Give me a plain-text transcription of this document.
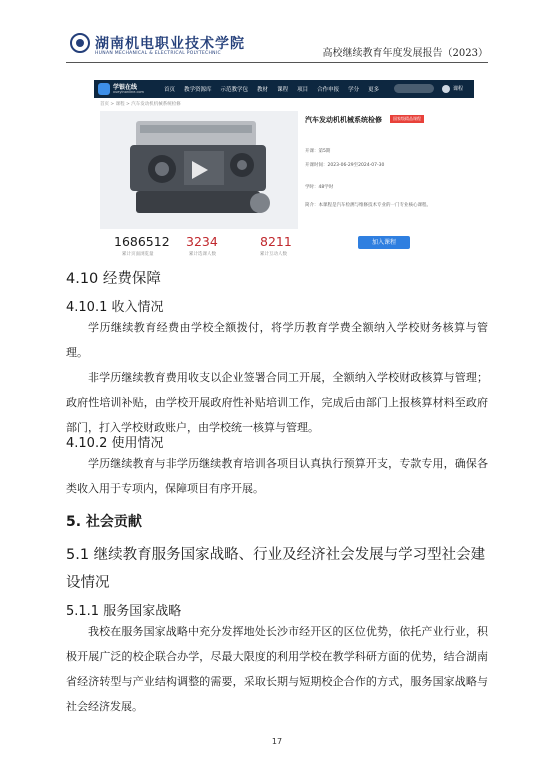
湖南机电职业技术学院
HUNAN MECHANICAL & ELECTRICAL POLYTECHNIC	高校继续教育年度发展报告（2023）
学银在线
xueyinonline.com	首页 教学资源库 示范教学包 教材 课程 项目 合作申报 学分 更多	课程
首页 > 课程 > 汽车发动机机械系统检修
汽车发动机机械系统检修	国家级精品课程
开课：第5期
开课时间：2023-06-29至2024-07-30
学时：48学时
简介：本课程是汽车检测与维修技术专业的一门专业核心课程。
加入课程
1686512
累计页面浏览量
3234
累计选课人数
8211
累计互动人数
4.10 经费保障
4.10.1 收入情况
学历继续教育经费由学校全额拨付，将学历教育学费全额纳入学校财务核算与管理。
非学历继续教育费用收支以企业签署合同工开展，全额纳入学校财政核算与管理；政府性培训补贴，由学校开展政府性补贴培训工作，完成后由部门上报核算材料至政府部门，打入学校财政账户，由学校统一核算与管理。
4.10.2 使用情况
学历继续教育与非学历继续教育培训各项目认真执行预算开支，专款专用，确保各类收入用于专项内，保障项目有序开展。
5. 社会贡献
5.1 继续教育服务国家战略、行业及经济社会发展与学习型社会建设情况
5.1.1 服务国家战略
我校在服务国家战略中充分发挥地处长沙市经开区的区位优势，依托产业行业，积极开展广泛的校企联合办学，尽最大限度的利用学校在教学科研方面的优势，结合湖南省经济转型与产业结构调整的需要，采取长期与短期校企合作的方式，服务国家战略与社会经济发展。
17
